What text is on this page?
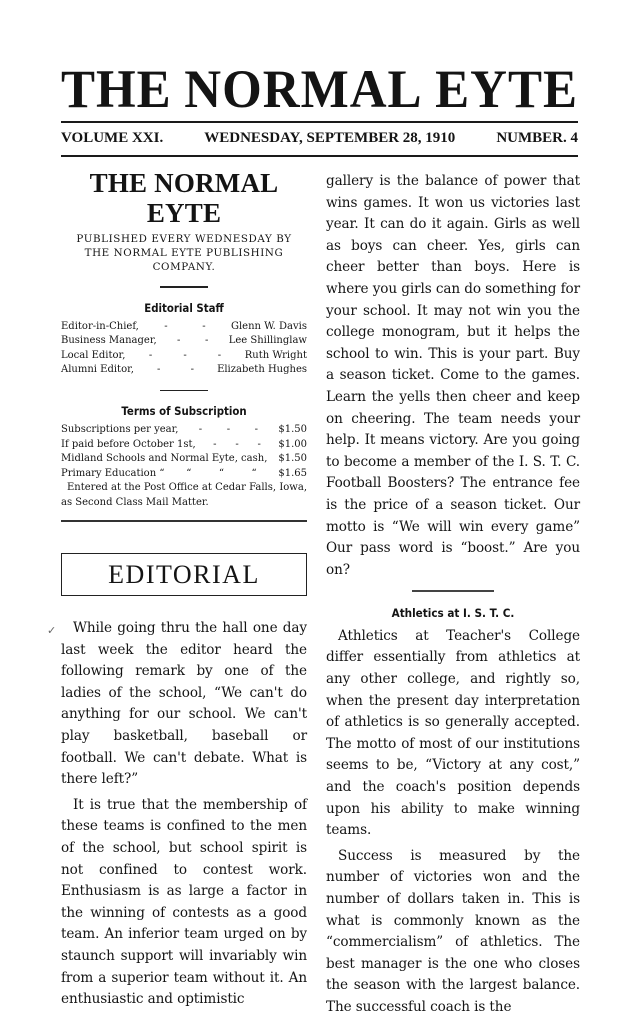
THE NORMAL EYTE
VOLUME XXI.	WEDNESDAY, SEPTEMBER 28, 1910	NUMBER. 4
THE NORMAL EYTE
PUBLISHED EVERY WEDNESDAY BY
THE NORMAL EYTE PUBLISHING
COMPANY.
Editorial Staff
Editor-in-Chief,	-	-	Glenn W. Davis
Business Manager, - - Lee Shillinglaw
Local Editor, -	-	- Ruth Wright
Alumni Editor, -	- Elizabeth Hughes
Terms of Subscription
Subscriptions per year, - - - $1.50
If paid before October 1st, - - - $1.00
Midland Schools and Normal Eyte, cash, $1.50
Primary Education “ “	“	“ $1.65
Entered at the Post Office at Cedar Falls, Iowa, as Second Class Mail Matter.
EDITORIAL
✓	While going thru the hall one day last week the editor heard the following remark by one of the ladies of the school, “We can't do anything for our school. We can't play basketball, baseball or football. We can't debate. What is there left?”

It is true that the membership of these teams is confined to the men of the school, but school spirit is not confined to contest work. Enthusiasm is as large a factor in the winning of contests as a good team. An inferior team urged on by staunch support will invariably win from a superior team without it. An enthusiastic and optimistic

gallery is the balance of power that wins games. It won us victories last year. It can do it again. Girls as well as boys can cheer. Yes, girls can cheer better than boys. Here is where you girls can do something for your school. It may not win you the college monogram, but it helps the school to win. This is your part. Buy a season ticket. Come to the games. Learn the yells then cheer and keep on cheering. The team needs your help. It means victory. Are you going to become a member of the I. S. T. C. Football Boosters? The entrance fee is the price of a season ticket. Our motto is “We will win every game” Our pass word is “boost.” Are you on?

Athletics at I. S. T. C.

Athletics at Teacher's College differ essentially from athletics at any other college, and rightly so, when the present day interpretation of athletics is so generally accepted. The motto of most of our institutions seems to be, “Victory at any cost,” and the coach's position depends upon his ability to make winning teams.

Success is measured by the number of victories won and the number of dollars taken in. This is what is commonly known as the “commercialism” of athletics. The best manager is the one who closes the season with the largest balance. The successful coach is the
